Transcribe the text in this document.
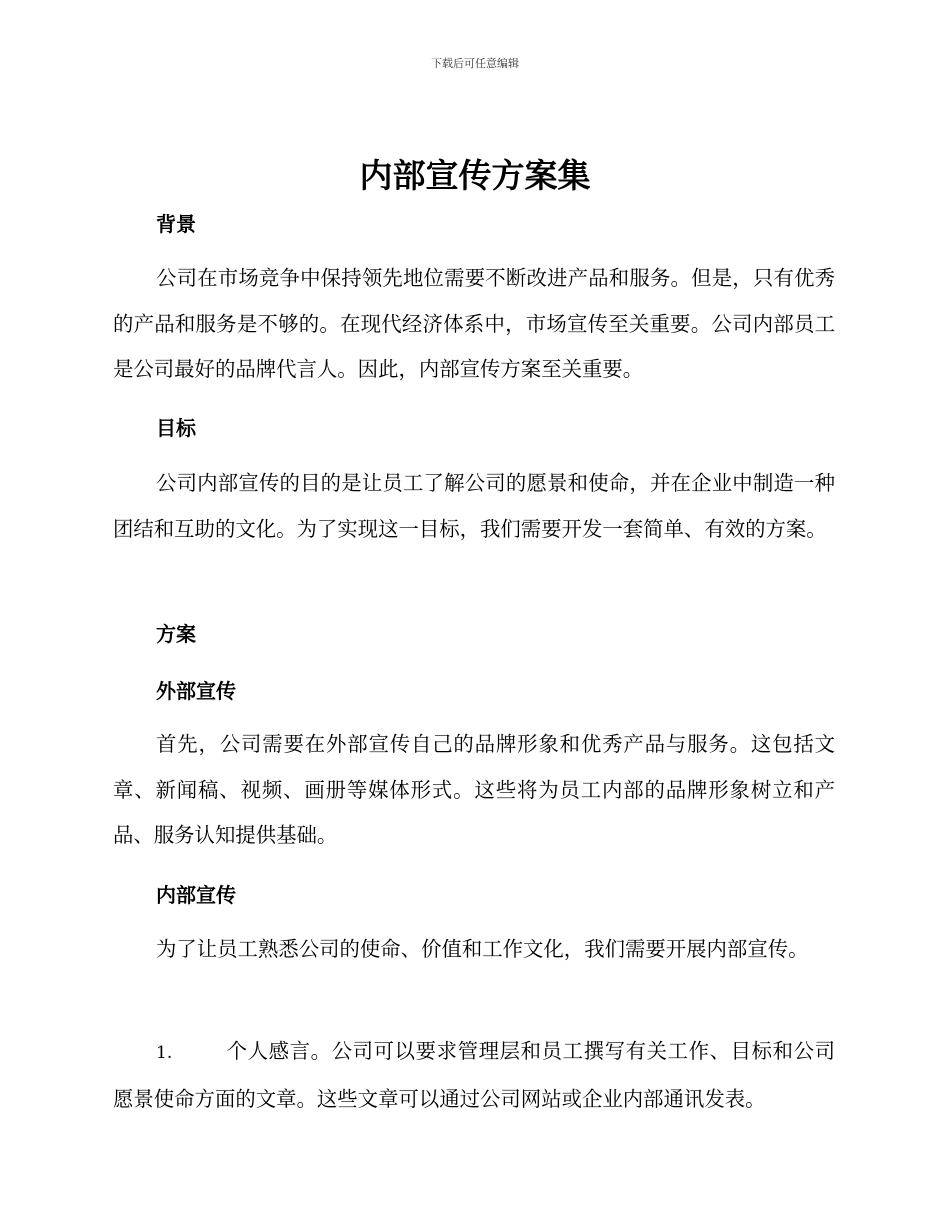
下载后可任意编辑
内部宣传方案集
背景
公司在市场竞争中保持领先地位需要不断改进产品和服务。但是，只有优秀的产品和服务是不够的。在现代经济体系中，市场宣传至关重要。公司内部员工是公司最好的品牌代言人。因此，内部宣传方案至关重要。
目标
公司内部宣传的目的是让员工了解公司的愿景和使命，并在企业中制造一种团结和互助的文化。为了实现这一目标，我们需要开发一套简单、有效的方案。
方案
外部宣传
首先，公司需要在外部宣传自己的品牌形象和优秀产品与服务。这包括文章、新闻稿、视频、画册等媒体形式。这些将为员工内部的品牌形象树立和产品、服务认知提供基础。
内部宣传
为了让员工熟悉公司的使命、价值和工作文化，我们需要开展内部宣传。
1.	个人感言。公司可以要求管理层和员工撰写有关工作、目标和公司愿景使命方面的文章。这些文章可以通过公司网站或企业内部通讯发表。
